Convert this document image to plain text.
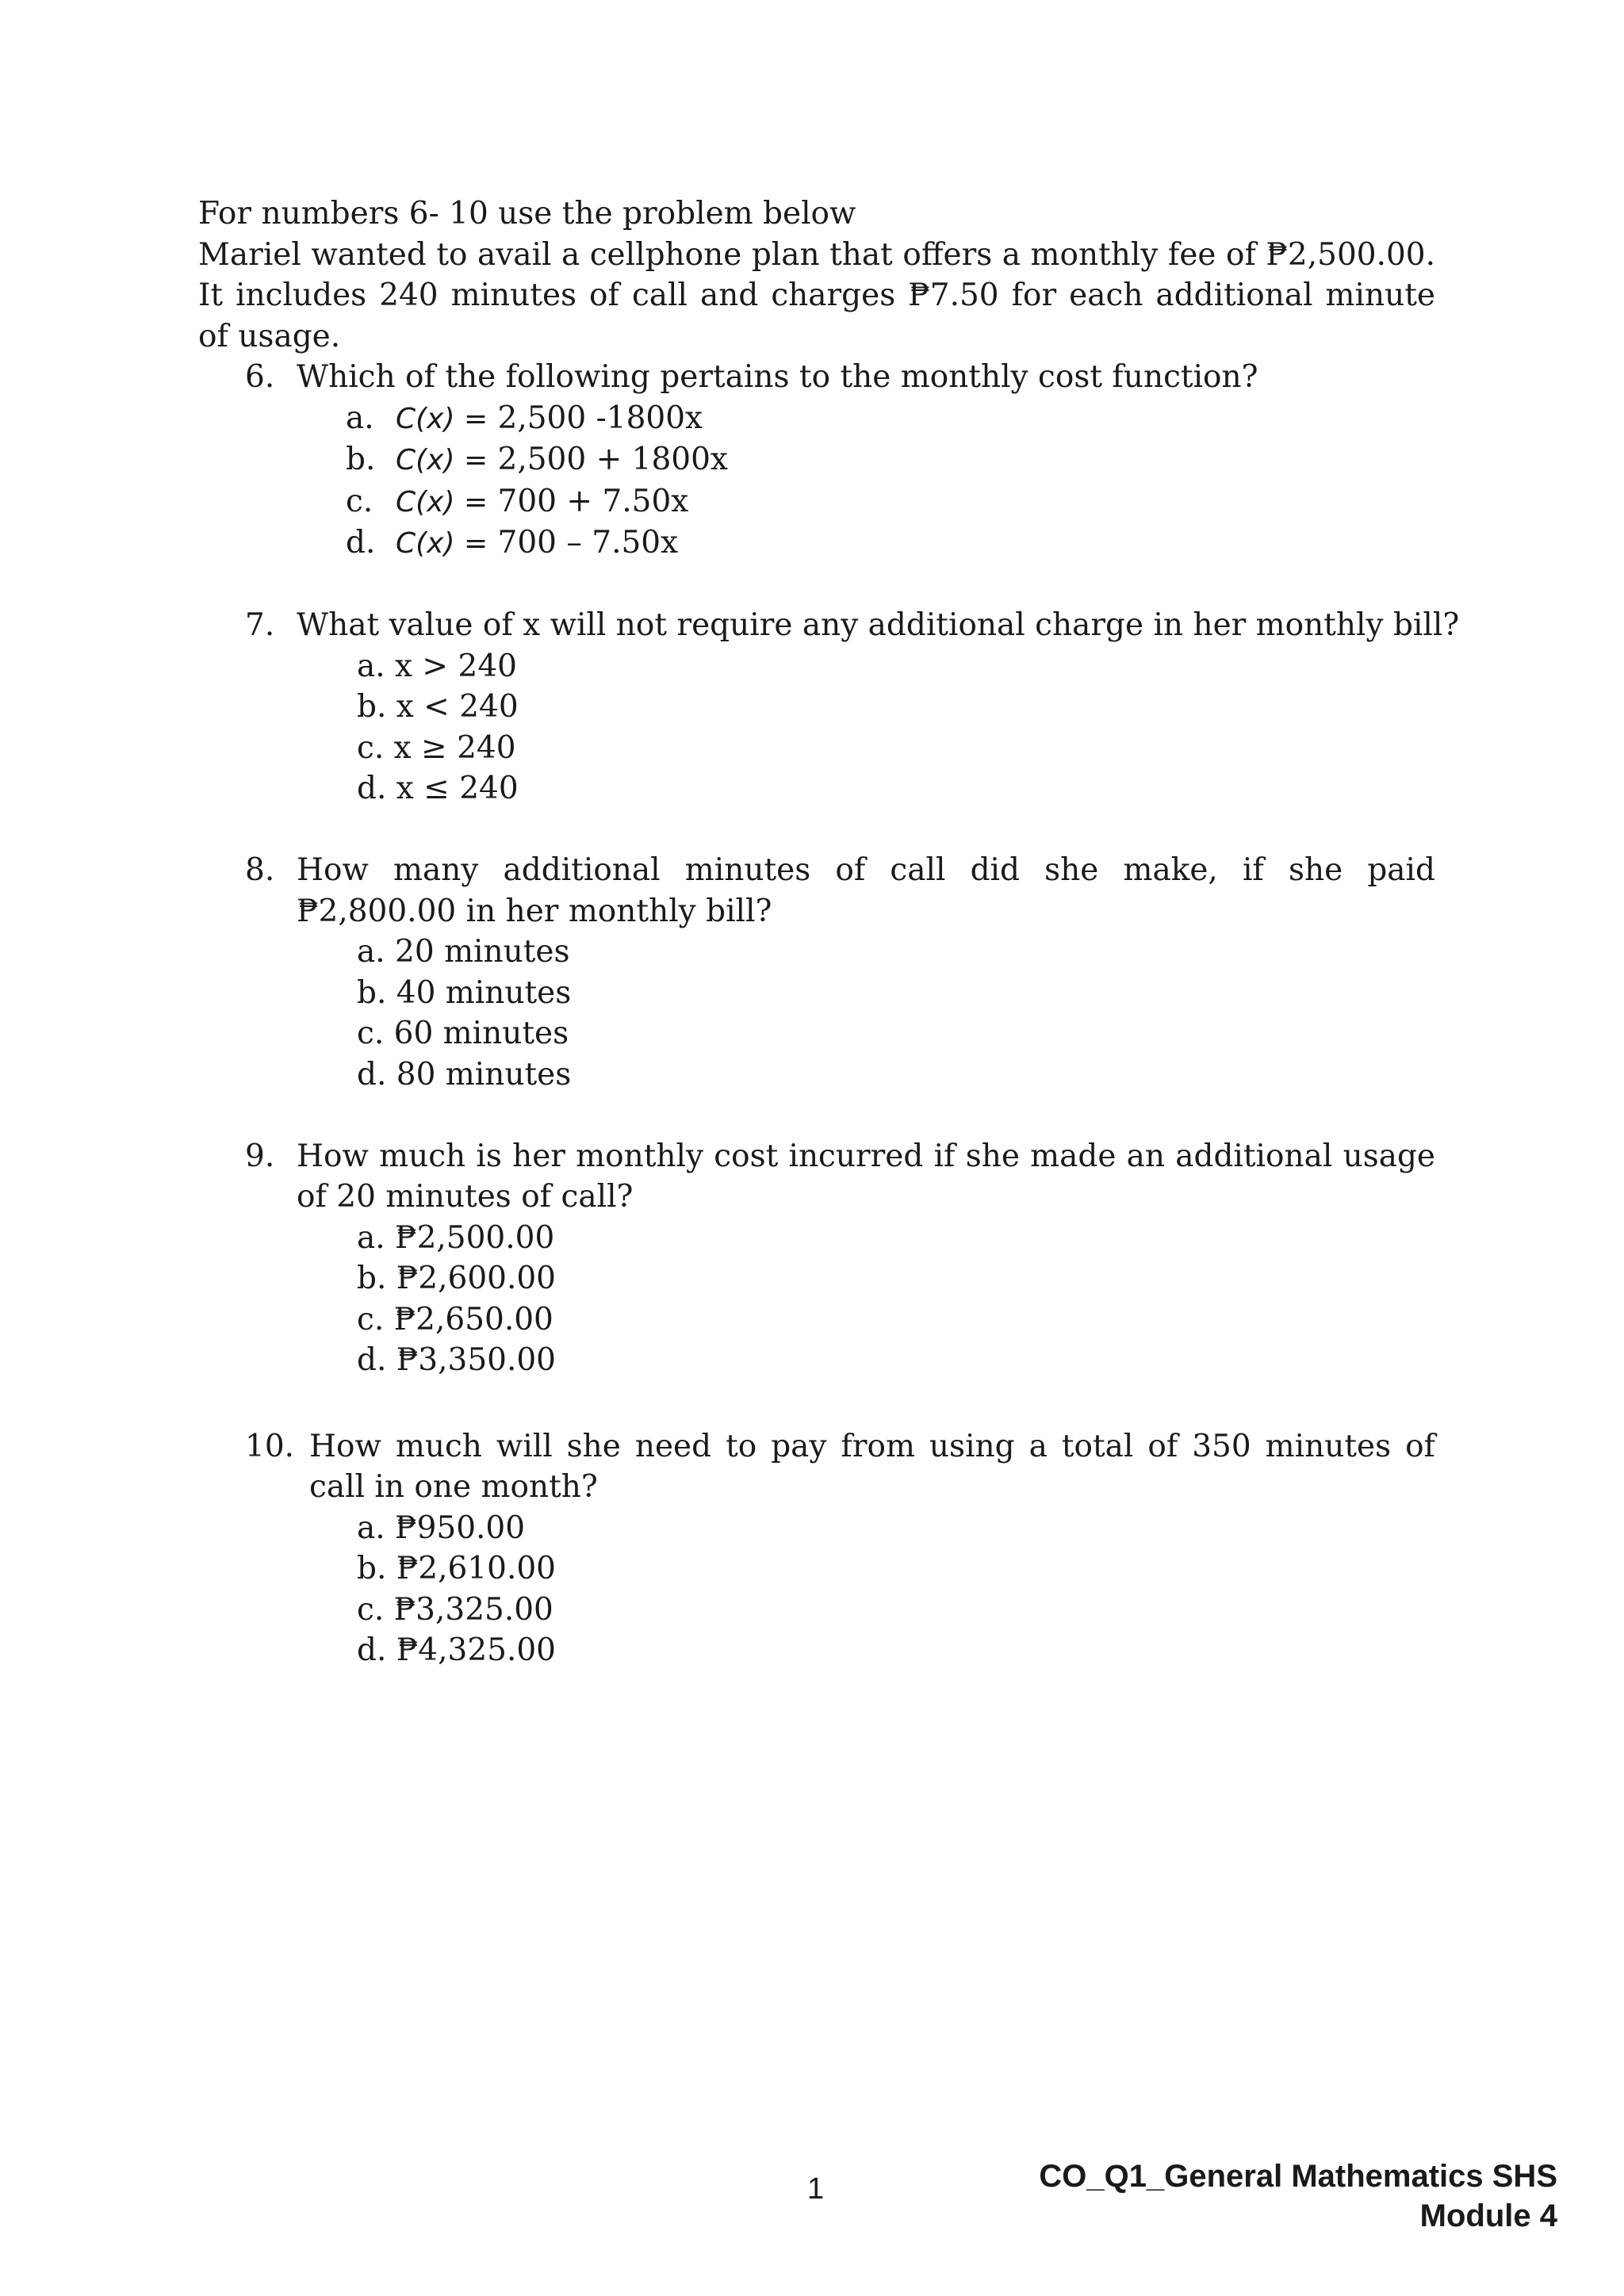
For numbers 6- 10 use the problem below
Mariel wanted to avail a cellphone plan that offers a monthly fee of ₱2,500.00. It includes 240 minutes of call and charges ₱7.50 for each additional minute of usage.
6. Which of the following pertains to the monthly cost function?
a. C(x) = 2,500 -1800x
b. C(x) = 2,500 + 1800x
c. C(x) = 700 + 7.50x
d. C(x) = 700 – 7.50x
7. What value of x will not require any additional charge in her monthly bill?
a. x > 240
b. x < 240
c. x ≥ 240
d. x ≤ 240
8. How many additional minutes of call did she make, if she paid ₱2,800.00 in her monthly bill?
a. 20 minutes
b. 40 minutes
c. 60 minutes
d. 80 minutes
9. How much is her monthly cost incurred if she made an additional usage of 20 minutes of call?
a. ₱2,500.00
b. ₱2,600.00
c. ₱2,650.00
d. ₱3,350.00
10. How much will she need to pay from using a total of 350 minutes of call in one month?
a. ₱950.00
b. ₱2,610.00
c. ₱3,325.00
d. ₱4,325.00
1	CO_Q1_General Mathematics SHS
Module 4
